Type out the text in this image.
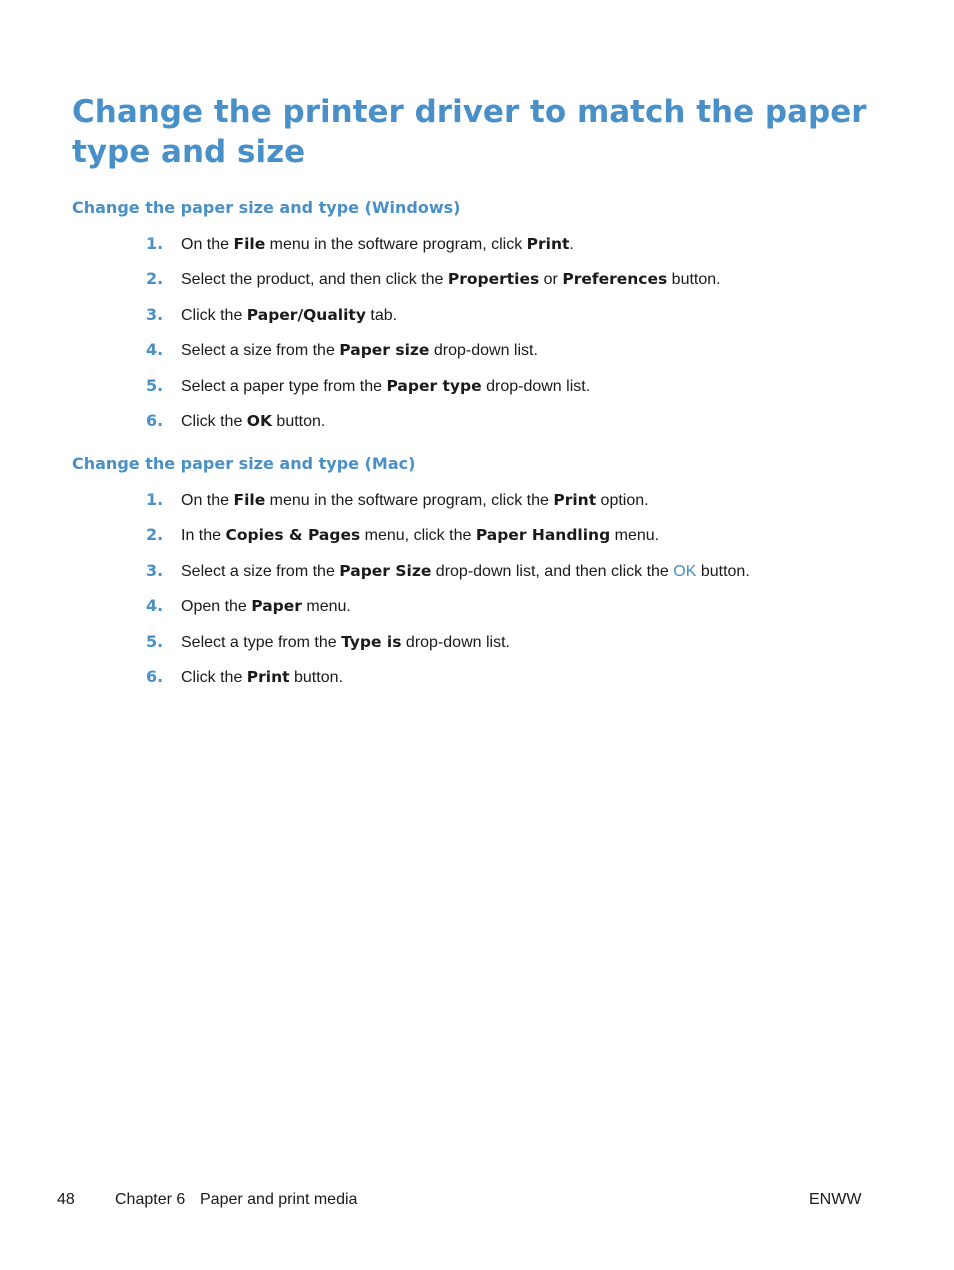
Change the printer driver to match the paper type and size
Change the paper size and type (Windows)
1.	On the File menu in the software program, click Print.
2.	Select the product, and then click the Properties or Preferences button.
3.	Click the Paper/Quality tab.
4.	Select a size from the Paper size drop-down list.
5.	Select a paper type from the Paper type drop-down list.
6.	Click the OK button.
Change the paper size and type (Mac)
1.	On the File menu in the software program, click the Print option.
2.	In the Copies & Pages menu, click the Paper Handling menu.
3.	Select a size from the Paper Size drop-down list, and then click the OK button.
4.	Open the Paper menu.
5.	Select a type from the Type is drop-down list.
6.	Click the Print button.
48	Chapter 6 Paper and print media	ENWW
